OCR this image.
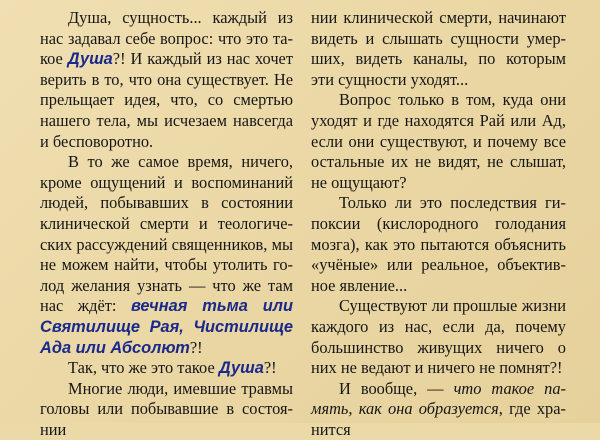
Душа, сущность... каждый из нас задавал себе вопрос: что это такое Душа?! И каждый из нас хочет верить в то, что она существует. Не прельщает идея, что, со смертью нашего тела, мы исчезаем навсегда и бесповоротно.

В то же самое время, ничего, кроме ощущений и воспоминаний людей, побывавших в состоянии клинической смерти и теологических рассуждений священников, мы не можем найти, чтобы утолить голод желания узнать — что же там нас ждёт: вечная тьма или Святилище Рая, Чистилище Ада или Абсолют?!

Так, что же это такое Душа?!

Многие люди, имевшие травмы головы или побывавшие в состоянии

нии клинической смерти, начинают видеть и слышать сущности умерших, видеть каналы, по которым эти сущности уходят...

Вопрос только в том, куда они уходят и где находятся Рай или Ад, если они существуют, и почему все остальные их не видят, не слышат, не ощущают?

Только ли это последствия гипоксии (кислородного голодания мозга), как это пытаются объяснить «учёные» или реальное, объективное явление...

Существуют ли прошлые жизни каждого из нас, если да, почему большинство живущих ничего о них не ведают и ничего не помнят?!

И вообще, — что такое память, как она образуется, где хранится
